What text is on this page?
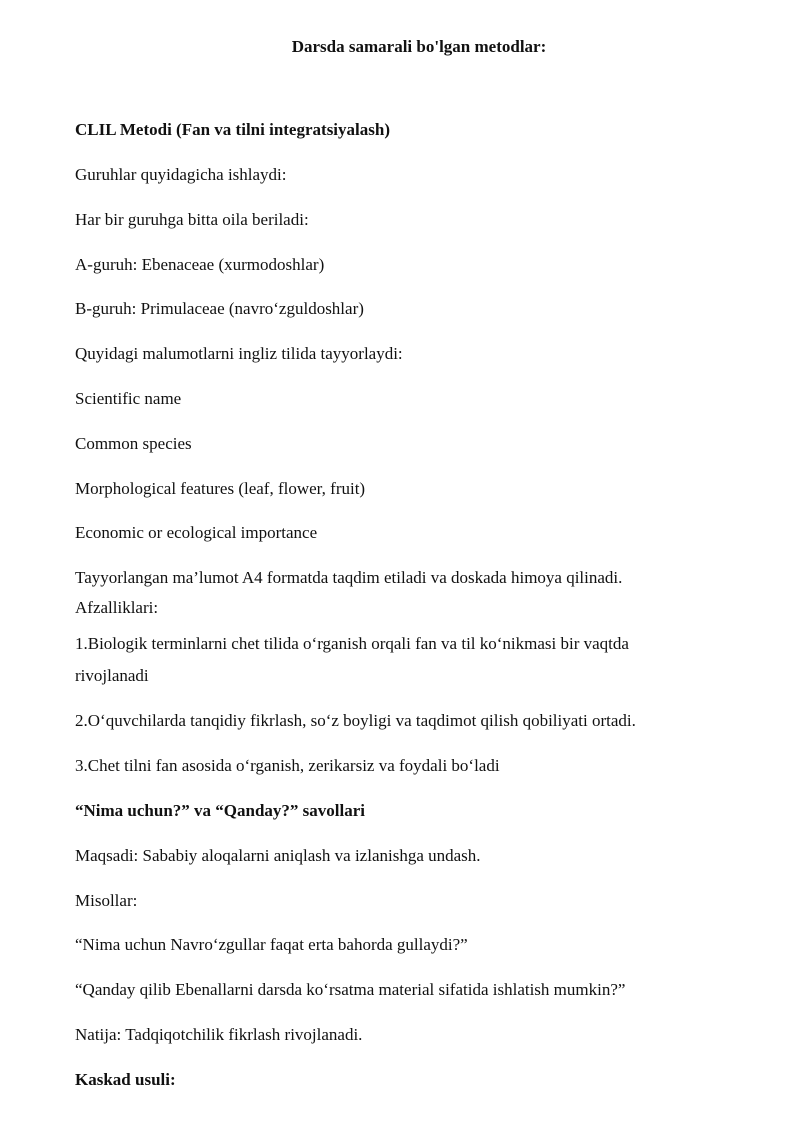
Darsda samarali bo'lgan metodlar:
CLIL Metodi (Fan va tilni integratsiyalash)
Guruhlar quyidagicha ishlaydi:
Har bir guruhga bitta oila beriladi:
A-guruh: Ebenaceae (xurmodoshlar)
B-guruh: Primulaceae (navro‘zguldoshlar)
Quyidagi malumotlarni ingliz tilida tayyorlaydi:
Scientific name
Common species
Morphological features (leaf, flower, fruit)
Economic or ecological importance
Tayyorlangan ma’lumot A4 formatda taqdim etiladi va doskada himoya qilinadi.
Afzalliklari:
1.Biologik terminlarni chet tilida o‘rganish orqali fan va til ko‘nikmasi bir vaqtda
rivojlanadi
2.O‘quvchilarda tanqidiy fikrlash, so‘z boyligi va taqdimot qilish qobiliyati ortadi.
3.Chet tilni fan asosida o‘rganish, zerikarsiz va foydali bo‘ladi
“Nima uchun?” va “Qanday?” savollari
Maqsadi: Sababiy aloqalarni aniqlash va izlanishga undash.
Misollar:
“Nima uchun Navro‘zgullar faqat erta bahorda gullaydi?”
“Qanday qilib Ebenallarni darsda ko‘rsatma material sifatida ishlatish mumkin?”
Natija: Tadqiqotchilik fikrlash rivojlanadi.
Kaskad usuli:
